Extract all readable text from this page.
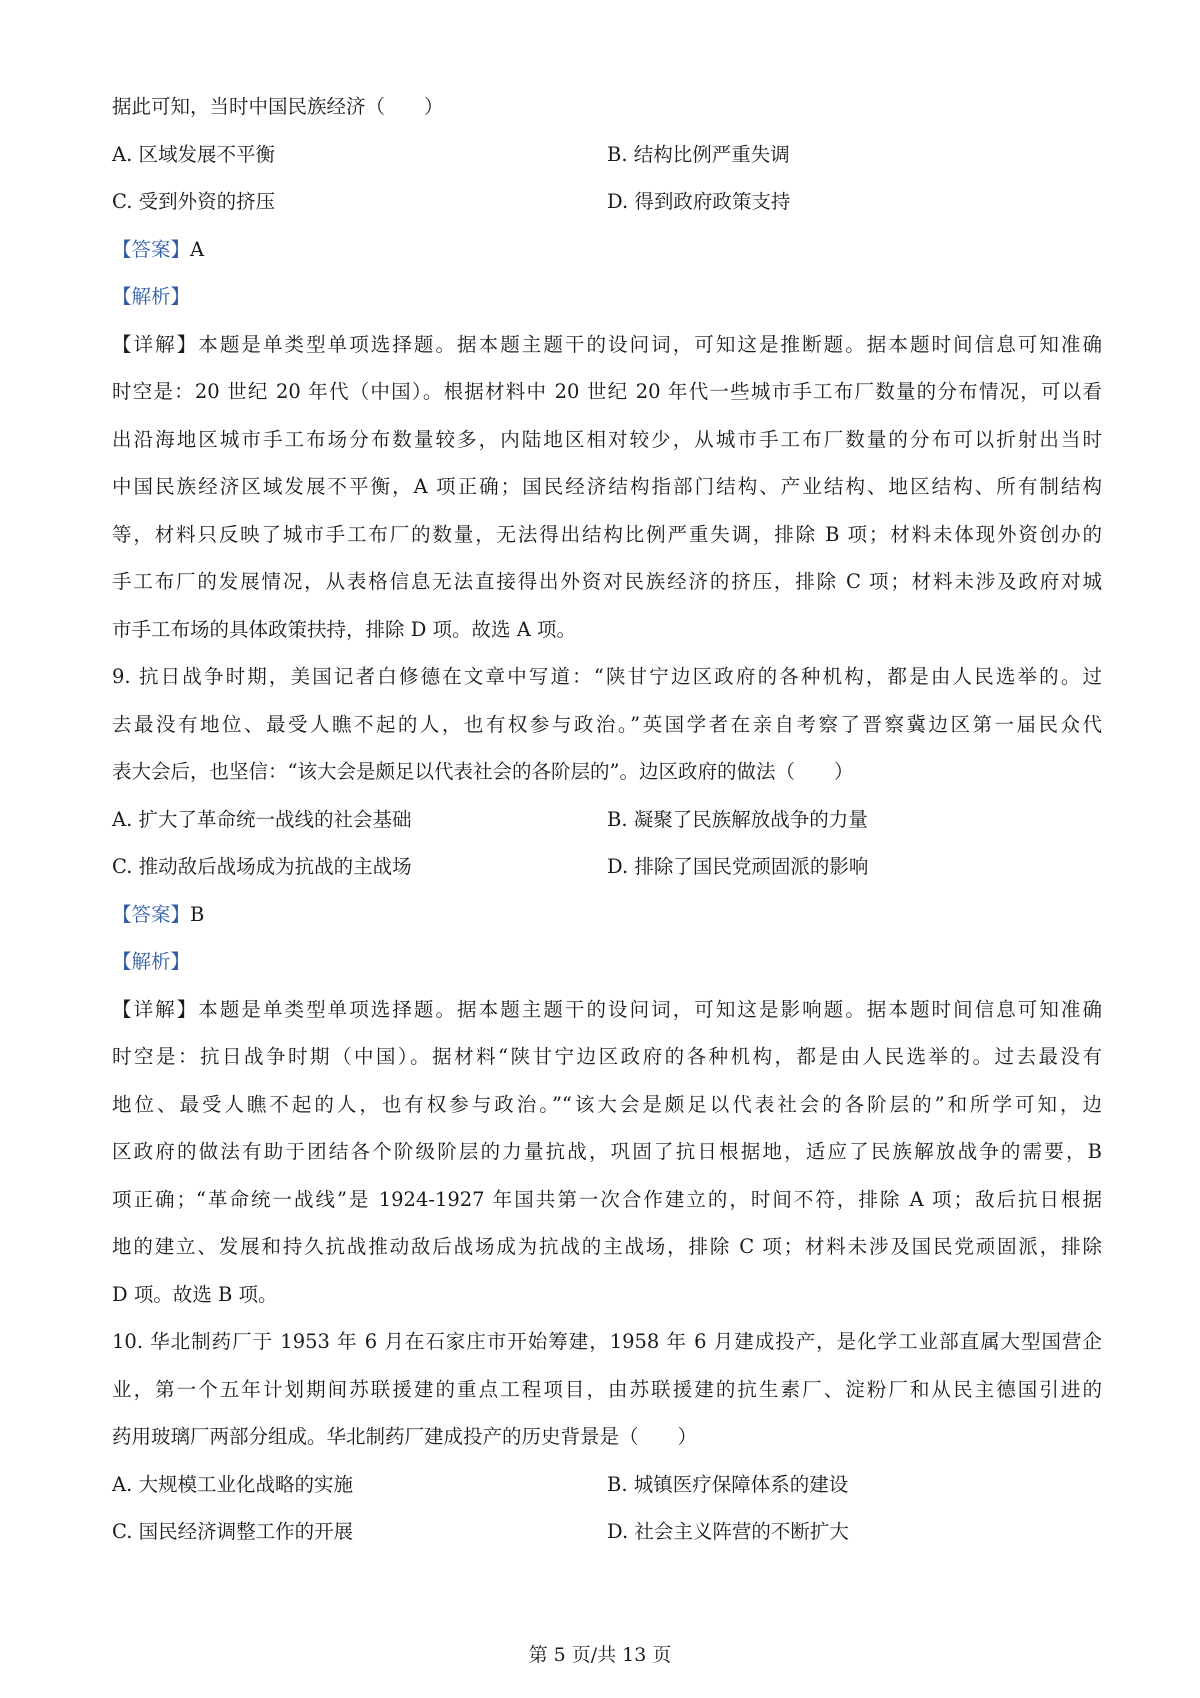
据此可知，当时中国民族经济（　　）
A. 区域发展不平衡	B. 结构比例严重失调
C. 受到外资的挤压	D. 得到政府政策支持
【答案】A
【解析】
【详解】本题是单类型单项选择题。据本题主题干的设问词，可知这是推断题。据本题时间信息可知准确
时空是：20 世纪 20 年代（中国）。根据材料中 20 世纪 20 年代一些城市手工布厂数量的分布情况，可以看
出沿海地区城市手工布场分布数量较多，内陆地区相对较少，从城市手工布厂数量的分布可以折射出当时
中国民族经济区域发展不平衡，A 项正确；国民经济结构指部门结构、产业结构、地区结构、所有制结构
等，材料只反映了城市手工布厂的数量，无法得出结构比例严重失调，排除 B 项；材料未体现外资创办的
手工布厂的发展情况，从表格信息无法直接得出外资对民族经济的挤压，排除 C 项；材料未涉及政府对城
市手工布场的具体政策扶持，排除 D 项。故选 A 项。
9. 抗日战争时期，美国记者白修德在文章中写道：“陕甘宁边区政府的各种机构，都是由人民选举的。过
去最没有地位、最受人瞧不起的人，也有权参与政治。”英国学者在亲自考察了晋察冀边区第一届民众代
表大会后，也坚信：“该大会是颇足以代表社会的各阶层的”。边区政府的做法（　　）
A. 扩大了革命统一战线的社会基础	B. 凝聚了民族解放战争的力量
C. 推动敌后战场成为抗战的主战场	D. 排除了国民党顽固派的影响
【答案】B
【解析】
【详解】本题是单类型单项选择题。据本题主题干的设问词，可知这是影响题。据本题时间信息可知准确
时空是：抗日战争时期（中国）。据材料“陕甘宁边区政府的各种机构，都是由人民选举的。过去最没有
地位、最受人瞧不起的人，也有权参与政治。”“该大会是颇足以代表社会的各阶层的”和所学可知，边
区政府的做法有助于团结各个阶级阶层的力量抗战，巩固了抗日根据地，适应了民族解放战争的需要，B
项正确；“革命统一战线”是 1924-1927 年国共第一次合作建立的，时间不符，排除 A 项；敌后抗日根据
地的建立、发展和持久抗战推动敌后战场成为抗战的主战场，排除 C 项；材料未涉及国民党顽固派，排除
D 项。故选 B 项。
10. 华北制药厂于 1953 年 6 月在石家庄市开始筹建，1958 年 6 月建成投产，是化学工业部直属大型国营企
业，第一个五年计划期间苏联援建的重点工程项目，由苏联援建的抗生素厂、淀粉厂和从民主德国引进的
药用玻璃厂两部分组成。华北制药厂建成投产的历史背景是（　　）
A. 大规模工业化战略的实施	B. 城镇医疗保障体系的建设
C. 国民经济调整工作的开展	D. 社会主义阵营的不断扩大
第 5 页/共 13 页
